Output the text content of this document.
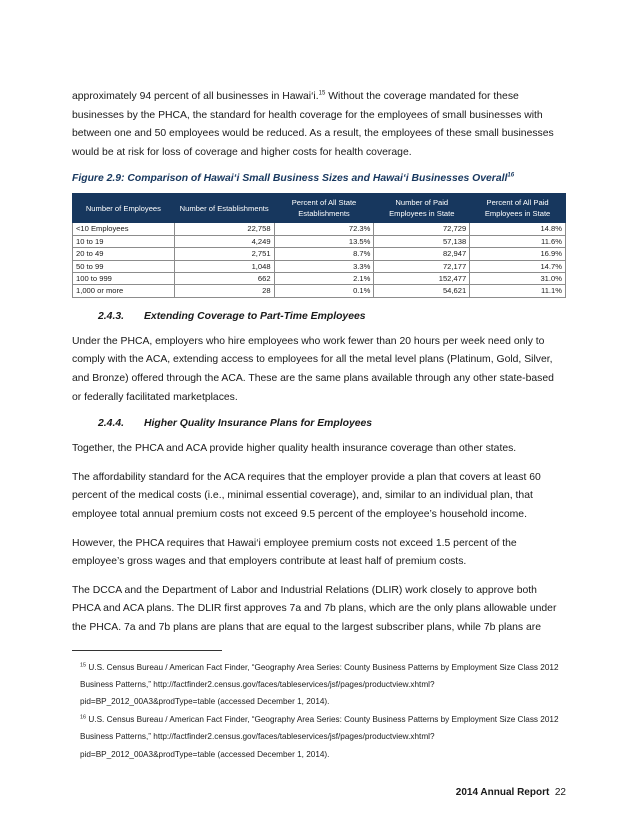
approximately 94 percent of all businesses in Hawai‘i.$^{15}$ Without the coverage mandated for these businesses by the PHCA, the standard for health coverage for the employees of small businesses with between one and 50 employees would be reduced. As a result, the employees of these small businesses would be at risk for loss of coverage and higher costs for health coverage.

Figure 2.9: Comparison of Hawai‘i Small Business Sizes and Hawai‘i Businesses Overall$^{16}$
Number of Employees	Number of Establishments	Percent of All State Establishments	Number of Paid Employees in State	Percent of All Paid Employees in State
<10 Employees	22,758	72.3%	72,729	14.8%
10 to 19	4,249	13.5%	57,138	11.6%
20 to 49	2,751	8.7%	82,947	16.9%
50 to 99	1,048	3.3%	72,177	14.7%
100 to 999	662	2.1%	152,477	31.0%
1,000 or more	28	0.1%	54,621	11.1%
2.4.3. Extending Coverage to Part-Time Employees

Under the PHCA, employers who hire employees who work fewer than 20 hours per week need only to comply with the ACA, extending access to employees for all the metal level plans (Platinum, Gold, Silver, and Bronze) offered through the ACA. These are the same plans available through any other state-based or federally facilitated marketplaces.

2.4.4. Higher Quality Insurance Plans for Employees

Together, the PHCA and ACA provide higher quality health insurance coverage than other states.

The affordability standard for the ACA requires that the employer provide a plan that covers at least 60 percent of the medical costs (i.e., minimal essential coverage), and, similar to an individual plan, that employee total annual premium costs not exceed 9.5 percent of the employee’s household income.

However, the PHCA requires that Hawai‘i employee premium costs not exceed 1.5 percent of the employee’s gross wages and that employers contribute at least half of premium costs.

The DCCA and the Department of Labor and Industrial Relations (DLIR) work closely to approve both PHCA and ACA plans. The DLIR first approves 7a and 7b plans, which are the only plans allowable under the PHCA. 7a and 7b plans are plans that are equal to the largest subscriber plans, while 7b plans are

$^{15}$ U.S. Census Bureau / American Fact Finder, “Geography Area Series: County Business Patterns by Employment Size Class 2012 Business Patterns,” http://factfinder2.census.gov/faces/tableservices/jsf/pages/productview.xhtml?pid=BP_2012_00A3&prodType=table (accessed December 1, 2014).
$^{16}$ U.S. Census Bureau / American Fact Finder, “Geography Area Series: County Business Patterns by Employment Size Class 2012 Business Patterns,” http://factfinder2.census.gov/faces/tableservices/jsf/pages/productview.xhtml?pid=BP_2012_00A3&prodType=table (accessed December 1, 2014).
2014 Annual Report 22
